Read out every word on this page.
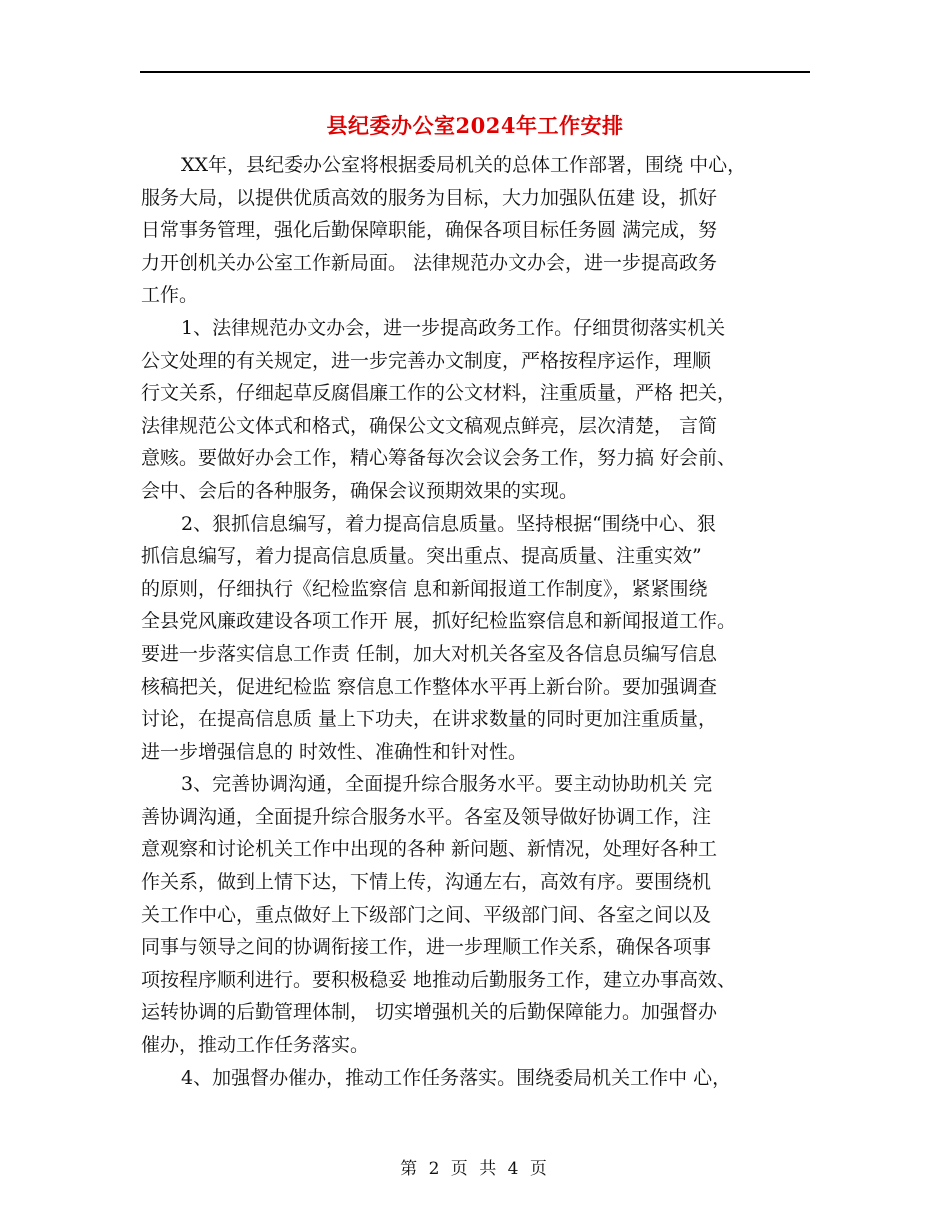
县纪委办公室2024年工作安排
XX年，县纪委办公室将根据委局机关的总体工作部署，围绕 中心，
服务大局，以提供优质高效的服务为目标，大力加强队伍建 设，抓好
日常事务管理，强化后勤保障职能，确保各项目标任务圆 满完成，努
力开创机关办公室工作新局面。 法律规范办文办会，进一步提高政务
工作。
1、法律规范办文办会，进一步提高政务工作。仔细贯彻落实机关
公文处理的有关规定，进一步完善办文制度，严格按程序运作，理顺
行文关系，仔细起草反腐倡廉工作的公文材料，注重质量，严格 把关，
法律规范公文体式和格式，确保公文文稿观点鲜亮，层次清楚， 言简
意赅。要做好办会工作，精心筹备每次会议会务工作，努力搞 好会前、
会中、会后的各种服务，确保会议预期效果的实现。
2、狠抓信息编写，着力提高信息质量。坚持根据“围绕中心、狠
抓信息编写，着力提高信息质量。突出重点、提高质量、注重实效”
的原则，仔细执行《纪检监察信 息和新闻报道工作制度》，紧紧围绕
全县党风廉政建设各项工作开 展，抓好纪检监察信息和新闻报道工作。
要进一步落实信息工作责 任制，加大对机关各室及各信息员编写信息
核稿把关，促进纪检监 察信息工作整体水平再上新台阶。要加强调查
讨论，在提高信息质 量上下功夫，在讲求数量的同时更加注重质量，
进一步增强信息的 时效性、准确性和针对性。
3、完善协调沟通，全面提升综合服务水平。要主动协助机关 完
善协调沟通，全面提升综合服务水平。各室及领导做好协调工作，注
意观察和讨论机关工作中出现的各种 新问题、新情况，处理好各种工
作关系，做到上情下达，下情上传，沟通左右，高效有序。要围绕机
关工作中心，重点做好上下级部门之间、平级部门间、各室之间以及
同事与领导之间的协调衔接工作，进一步理顺工作关系，确保各项事
项按程序顺利进行。要积极稳妥 地推动后勤服务工作，建立办事高效、
运转协调的后勤管理体制， 切实增强机关的后勤保障能力。加强督办
催办，推动工作任务落实。
4、加强督办催办，推动工作任务落实。围绕委局机关工作中 心，
第 2 页 共 4 页
